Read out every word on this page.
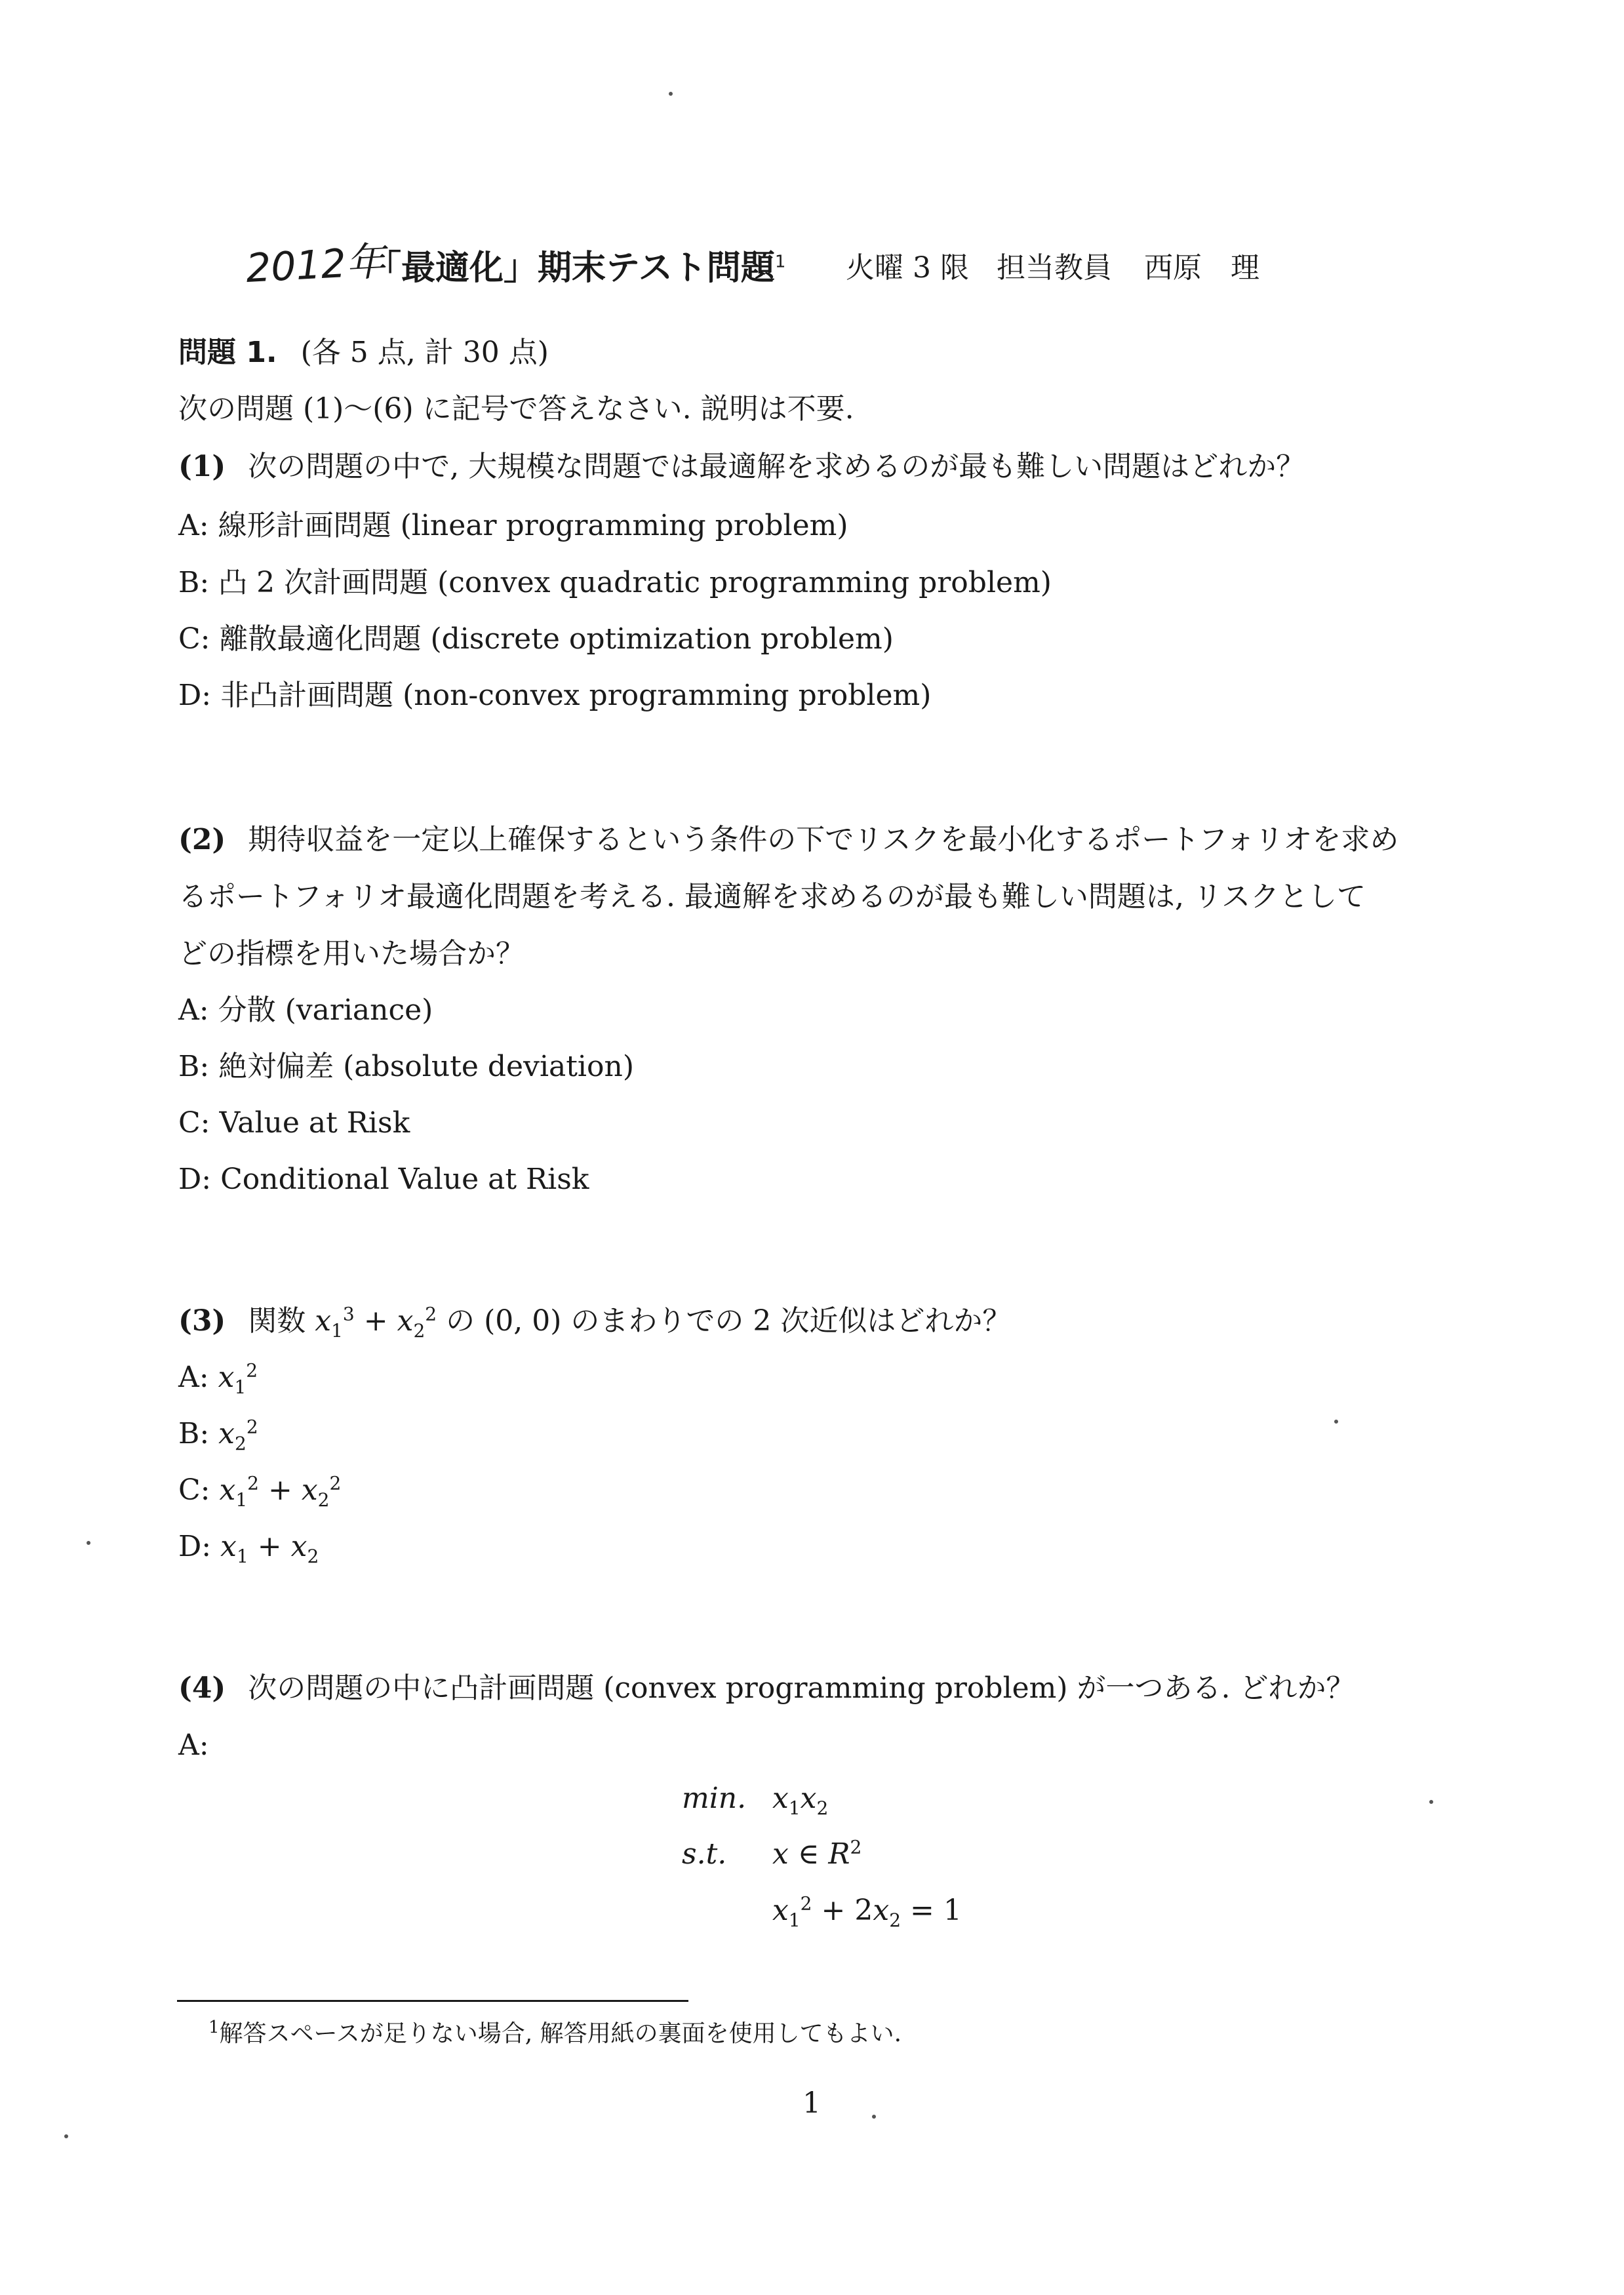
2012年
「最適化」期末テスト問題$^1$ 火曜 3 限 担当教員 西原　理
問題 1. (各 5 点, 計 30 点)
次の問題 (1)〜(6) に記号で答えなさい. 説明は不要.
(1) 次の問題の中で, 大規模な問題では最適解を求めるのが最も難しい問題はどれか？
A: 線形計画問題 (linear programming problem)
B: 凸 2 次計画問題 (convex quadratic programming problem)
C: 離散最適化問題 (discrete optimization problem)
D: 非凸計画問題 (non-convex programming problem)
(2) 期待収益を一定以上確保するという条件の下でリスクを最小化するポートフォリオを求め
るポートフォリオ最適化問題を考える. 最適解を求めるのが最も難しい問題は, リスクとして
どの指標を用いた場合か？
A: 分散 (variance)
B: 絶対偏差 (absolute deviation)
C: Value at Risk
D: Conditional Value at Risk
(3) 関数 $x_1^3 + x_2^2$ の (0, 0) のまわりでの 2 次近似はどれか？
A: $x_1^2$
B: $x_2^2$
C: $x_1^2 + x_2^2$
D: $x_1 + x_2$
(4) 次の問題の中に凸計画問題 (convex programming problem) が一つある. どれか？
A:
min. $x_1x_2$
s.t. x ∈ $R^2$
$x_1^2 + 2x_2 = 1$
$^1$解答スペースが足りない場合, 解答用紙の裏面を使用してもよい.
1
